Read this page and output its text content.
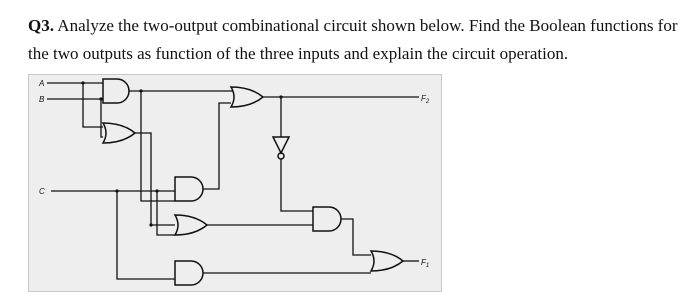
Q3. Analyze the two-output combinational circuit shown below. Find the Boolean functions for the two outputs as function of the three inputs and explain the circuit operation.
A
B
C
$F_2$
$F_1$
